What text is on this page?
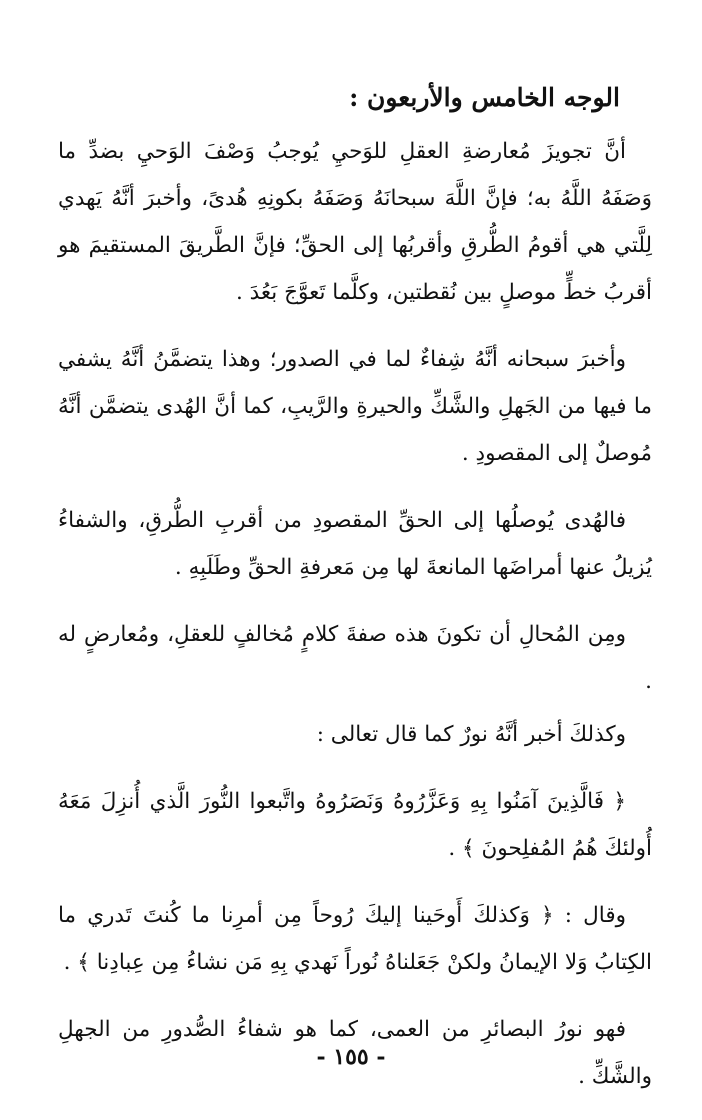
الوجه الخامس والأربعون :

أنَّ تجويزَ مُعارضةِ العقلِ للوَحيِ يُوجبُ وَصْفَ الوَحيِ بضدِّ ما وَصَفَهُ اللَّهُ به؛ فإنَّ اللَّهَ سبحانَهُ وَصَفَهُ بكونِهِ هُدىً، وأخبرَ أنَّهُ يَهدي لِلَّتي هي أقومُ الطُّرقِ وأقربُها إلى الحقِّ؛ فإنَّ الطَّريقَ المستقيمَ هو أقربُ خطٍّ موصلٍ بين نُقطتين، وكلَّما تَعوَّجَ بَعُدَ .

وأخبرَ سبحانه أنَّهُ شِفاءٌ لما في الصدور؛ وهذا يتضمَّنُ أنَّهُ يشفي ما فيها من الجَهلِ والشَّكِّ والحيرةِ والرَّيبِ، كما أنَّ الهُدى يتضمَّن أنَّهُ مُوصلٌ إلى المقصودِ .

فالهُدى يُوصلُها إلى الحقِّ المقصودِ من أقربِ الطُّرقِ، والشفاءُ يُزيلُ عنها أمراضَها المانعةَ لها مِن مَعرفةِ الحقِّ وطَلَبِهِ .

ومِن المُحالِ أن تكونَ هذه صفةَ كلامٍ مُخالفٍ للعقلِ، ومُعارضٍ له .

وكذلكَ أخبر أنَّهُ نورٌ كما قال تعالى :

﴿ فَالَّذِينَ آمَنُوا بِهِ وَعَزَّرُوهُ وَنَصَرُوهُ واتَّبعوا النُّورَ الَّذي أُنزِلَ مَعَهُ أُولئكَ هُمُ المُفلِحونَ ﴾ .

وقال : ﴿ وَكذلكَ أَوحَينا إليكَ رُوحاً مِن أمرِنا ما كُنتَ تَدري ما الكِتابُ وَلا الإيمانُ ولكنْ جَعَلناهُ نُوراً نَهدي بِهِ مَن نشاءُ مِن عِبادِنا ﴾ .

فهو نورُ البصائرِ من العمى، كما هو شفاءُ الصُّدورِ من الجهلِ والشَّكِّ .

- ١٥٥ -
